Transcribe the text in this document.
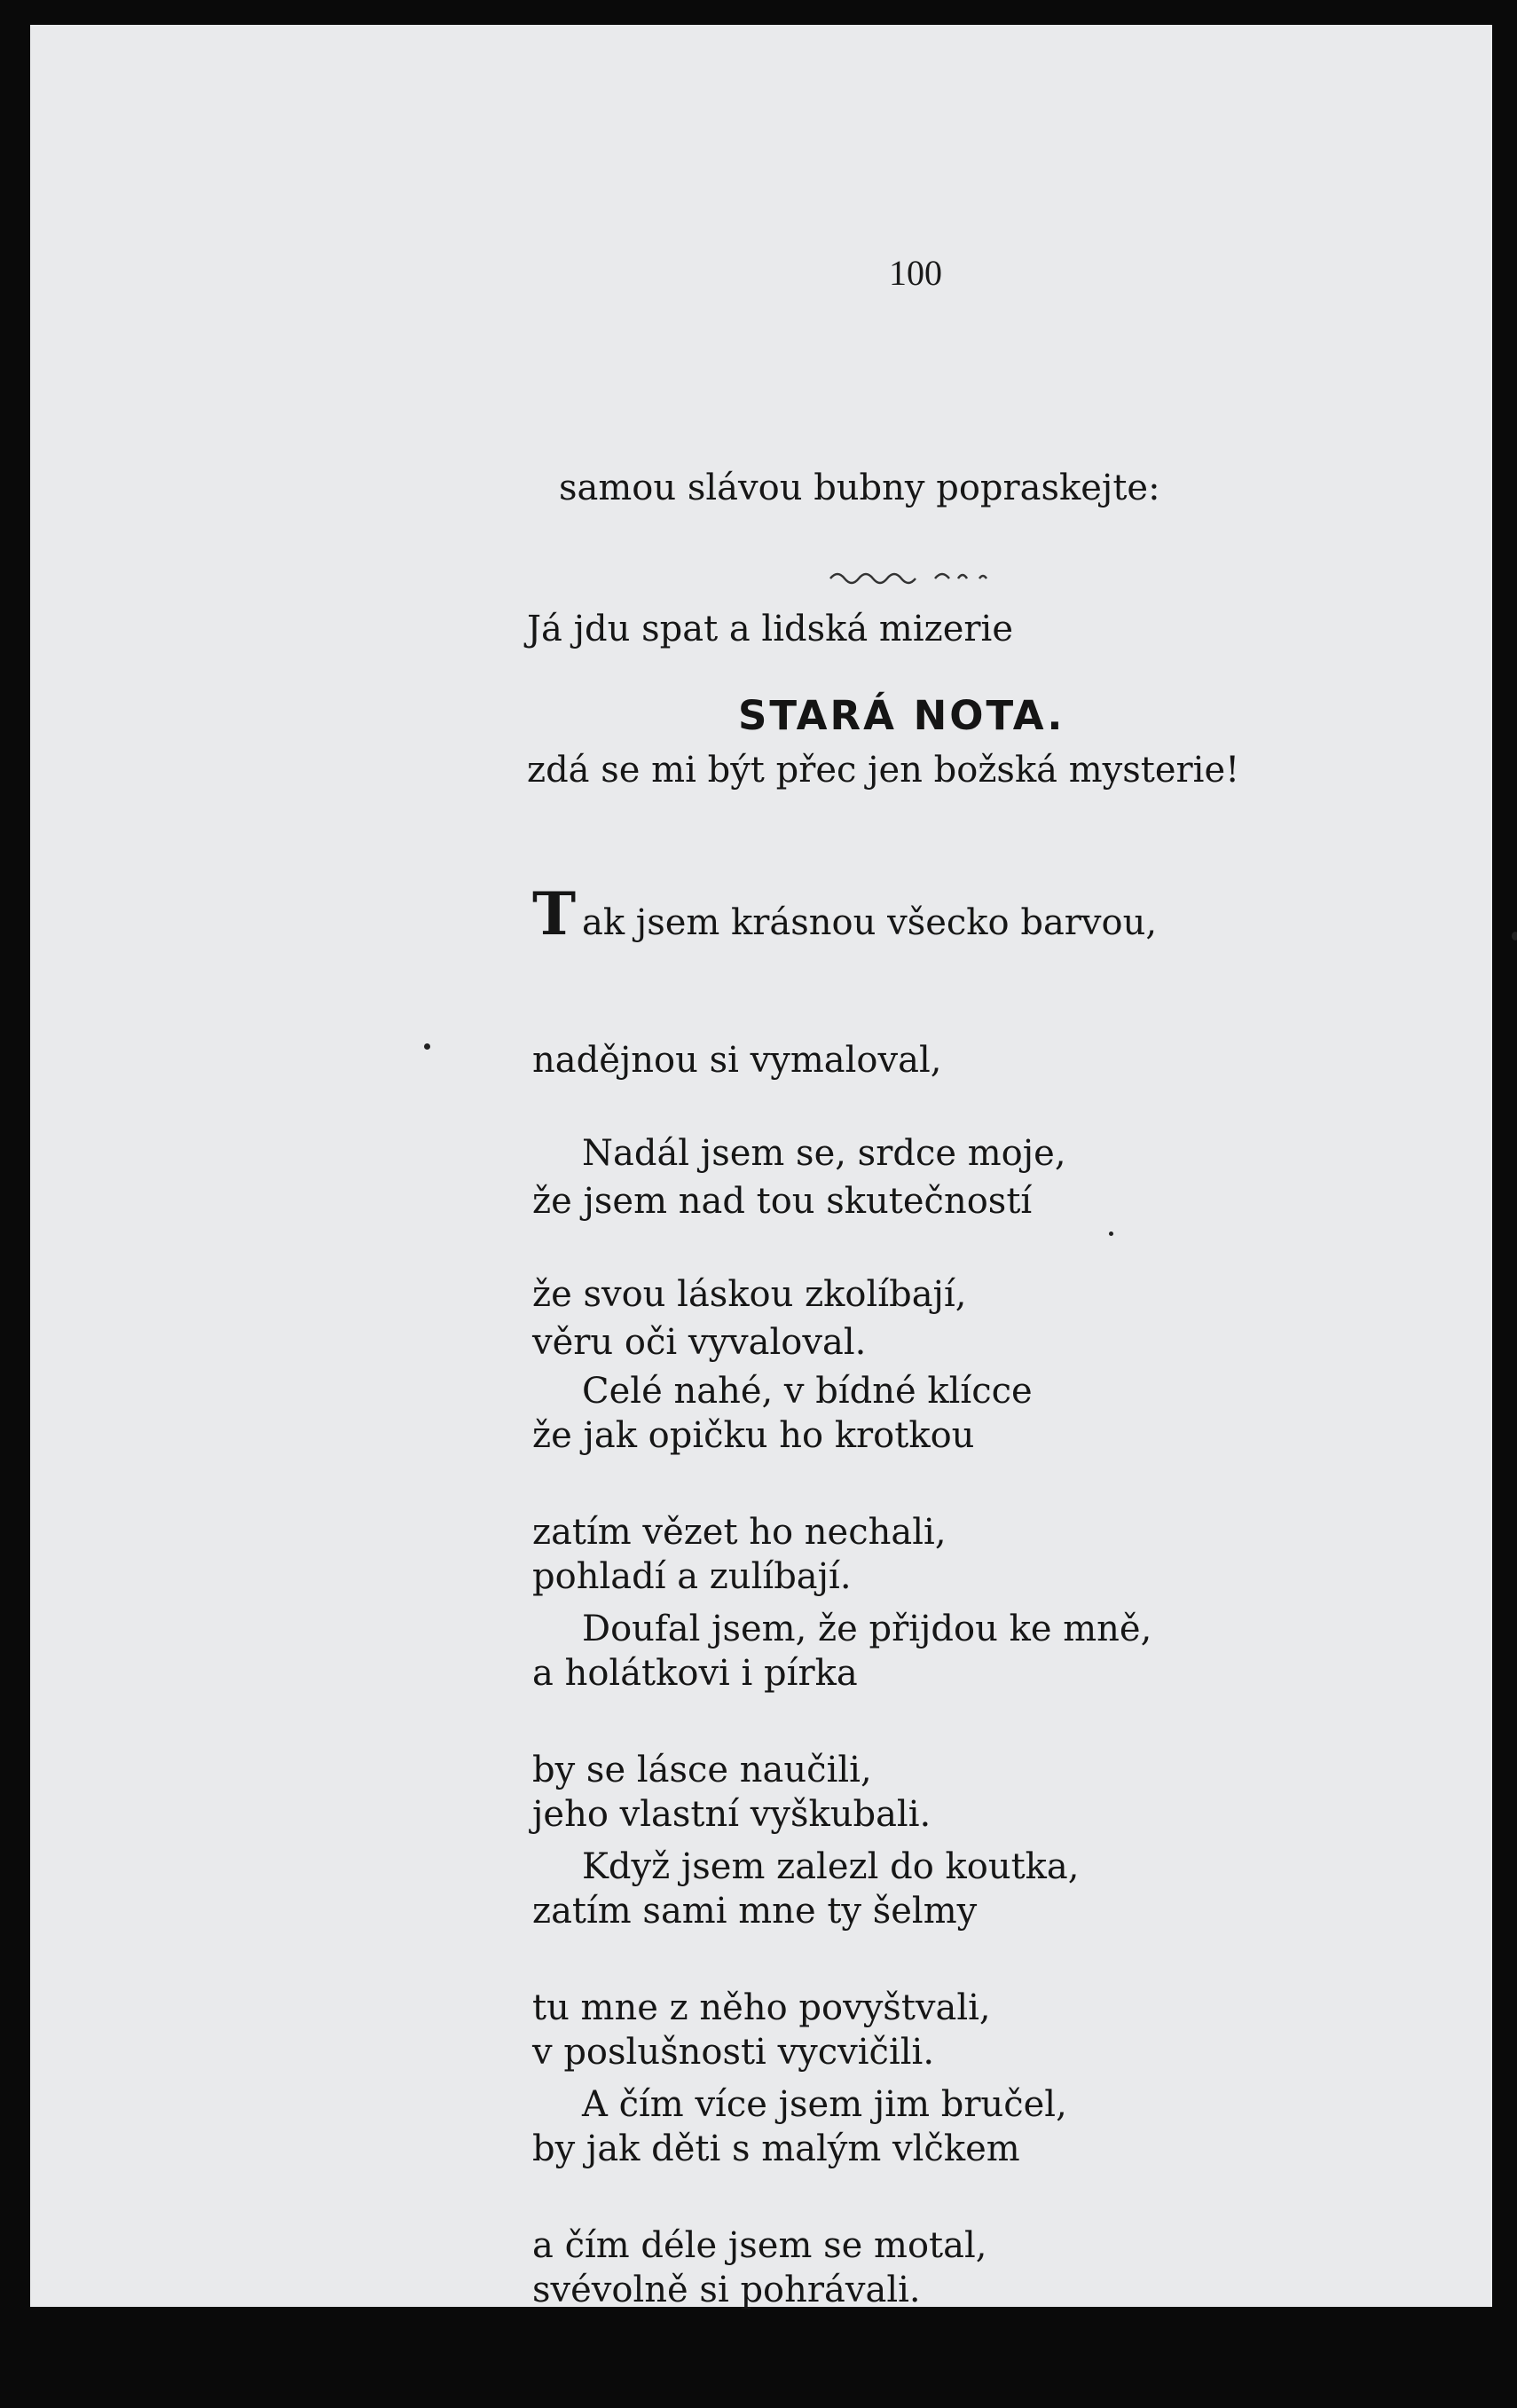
100

samou slávou bubny popraskejte:

Já jdu spat a lidská mizerie

zdá se mi být přec jen božská mysterie!

STARÁ NOTA.

Tak jsem krásnou všecko barvou,

nadějnou si vymaloval,

že jsem nad tou skutečností

věru oči vyvaloval.

Nadál jsem se, srdce moje,

že svou láskou zkolíbají,

že jak opičku ho krotkou

pohladí a zulíbají.

Celé nahé, v bídné klícce

zatím vězet ho nechali,

a holátkovi i pírka

jeho vlastní vyškubali.

Doufal jsem, že přijdou ke mně,

by se lásce naučili,

zatím sami mne ty šelmy

v poslušnosti vycvičili.

Když jsem zalezl do koutka,

tu mne z něho povyštvali,

by jak děti s malým vlčkem

svévolně si pohrávali.

A čím více jsem jim bručel,

a čím déle jsem se motal,
